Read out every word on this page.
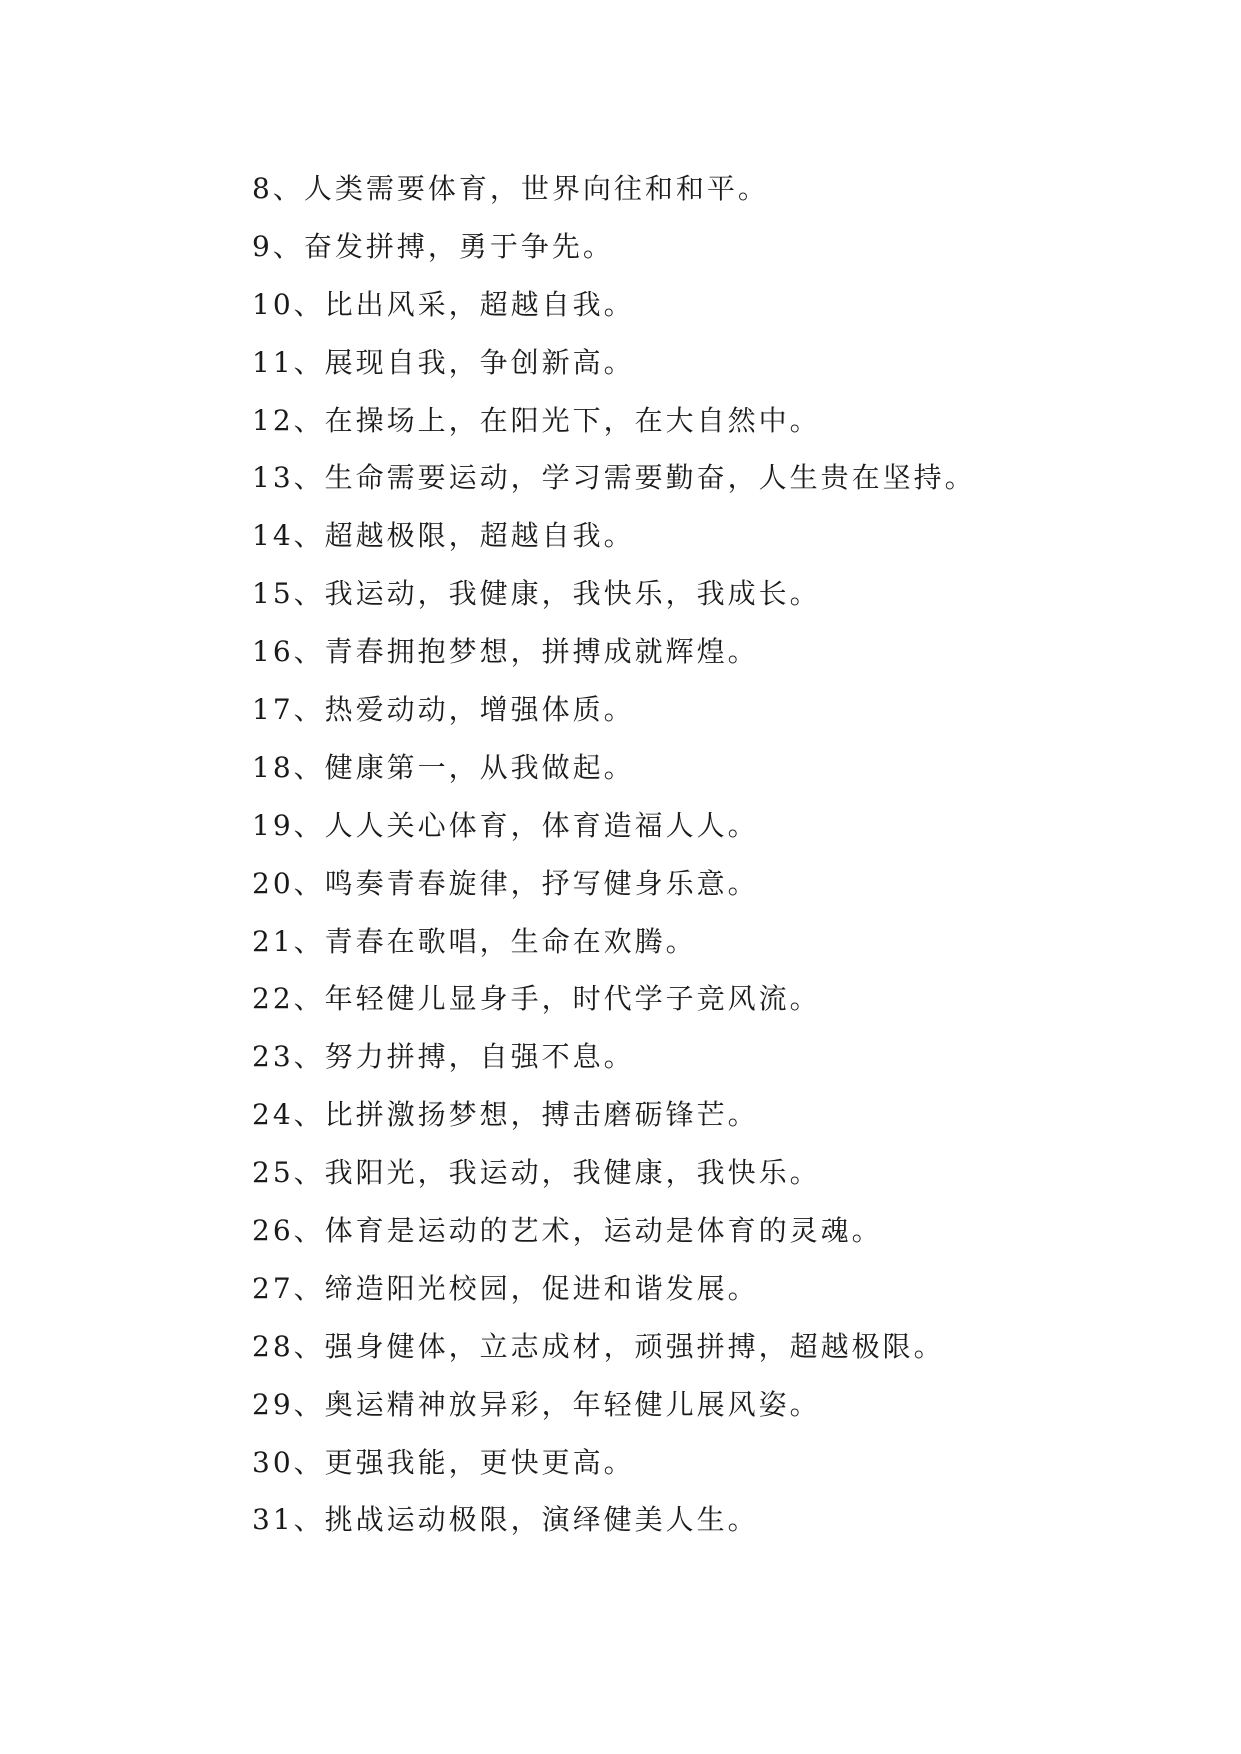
8、人类需要体育，世界向往和和平。
9、奋发拼搏，勇于争先。
10、比出风采，超越自我。
11、展现自我，争创新高。
12、在操场上，在阳光下，在大自然中。
13、生命需要运动，学习需要勤奋，人生贵在坚持。
14、超越极限，超越自我。
15、我运动，我健康，我快乐，我成长。
16、青春拥抱梦想，拼搏成就辉煌。
17、热爱动动，增强体质。
18、健康第一，从我做起。
19、人人关心体育，体育造福人人。
20、鸣奏青春旋律，抒写健身乐意。
21、青春在歌唱，生命在欢腾。
22、年轻健儿显身手，时代学子竞风流。
23、努力拼搏，自强不息。
24、比拼激扬梦想，搏击磨砺锋芒。
25、我阳光，我运动，我健康，我快乐。
26、体育是运动的艺术，运动是体育的灵魂。
27、缔造阳光校园，促进和谐发展。
28、强身健体，立志成材，顽强拼搏，超越极限。
29、奥运精神放异彩，年轻健儿展风姿。
30、更强我能，更快更高。
31、挑战运动极限，演绎健美人生。
